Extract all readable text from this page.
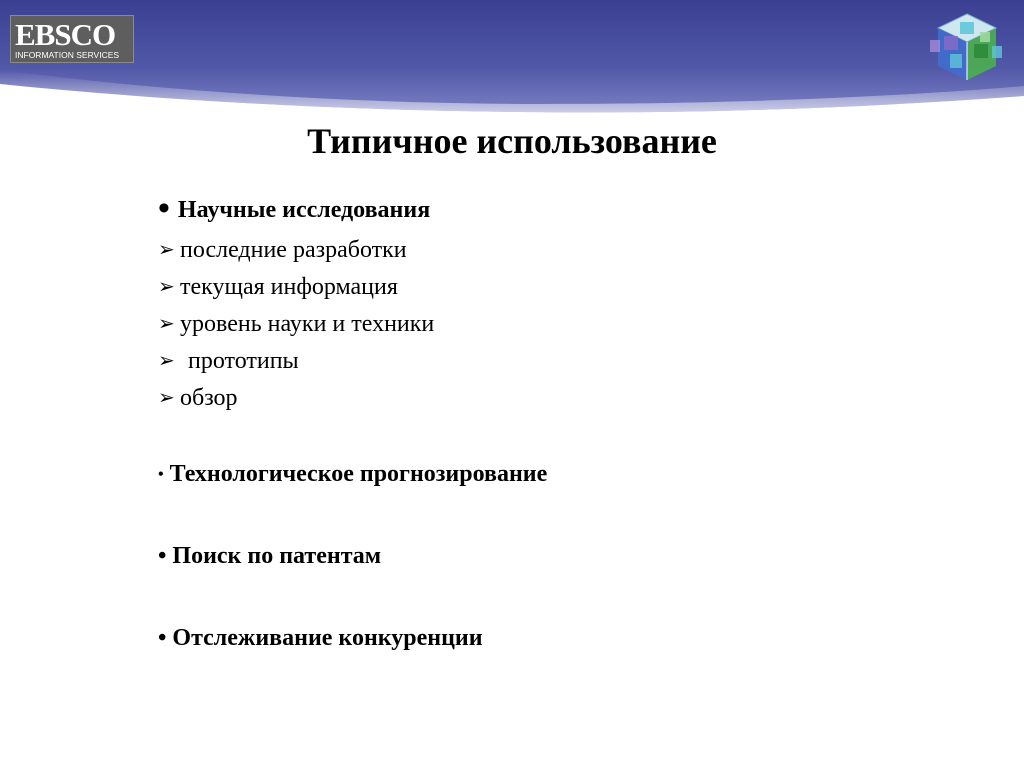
EBSCO
INFORMATION SERVICES
Типичное использование
• Научные исследования
➢ последние разработки
➢ текущая информация
➢ уровень науки и техники
➢ прототипы
➢ обзор
• Технологическое прогнозирование
• Поиск по патентам
• Отслеживание конкуренции
